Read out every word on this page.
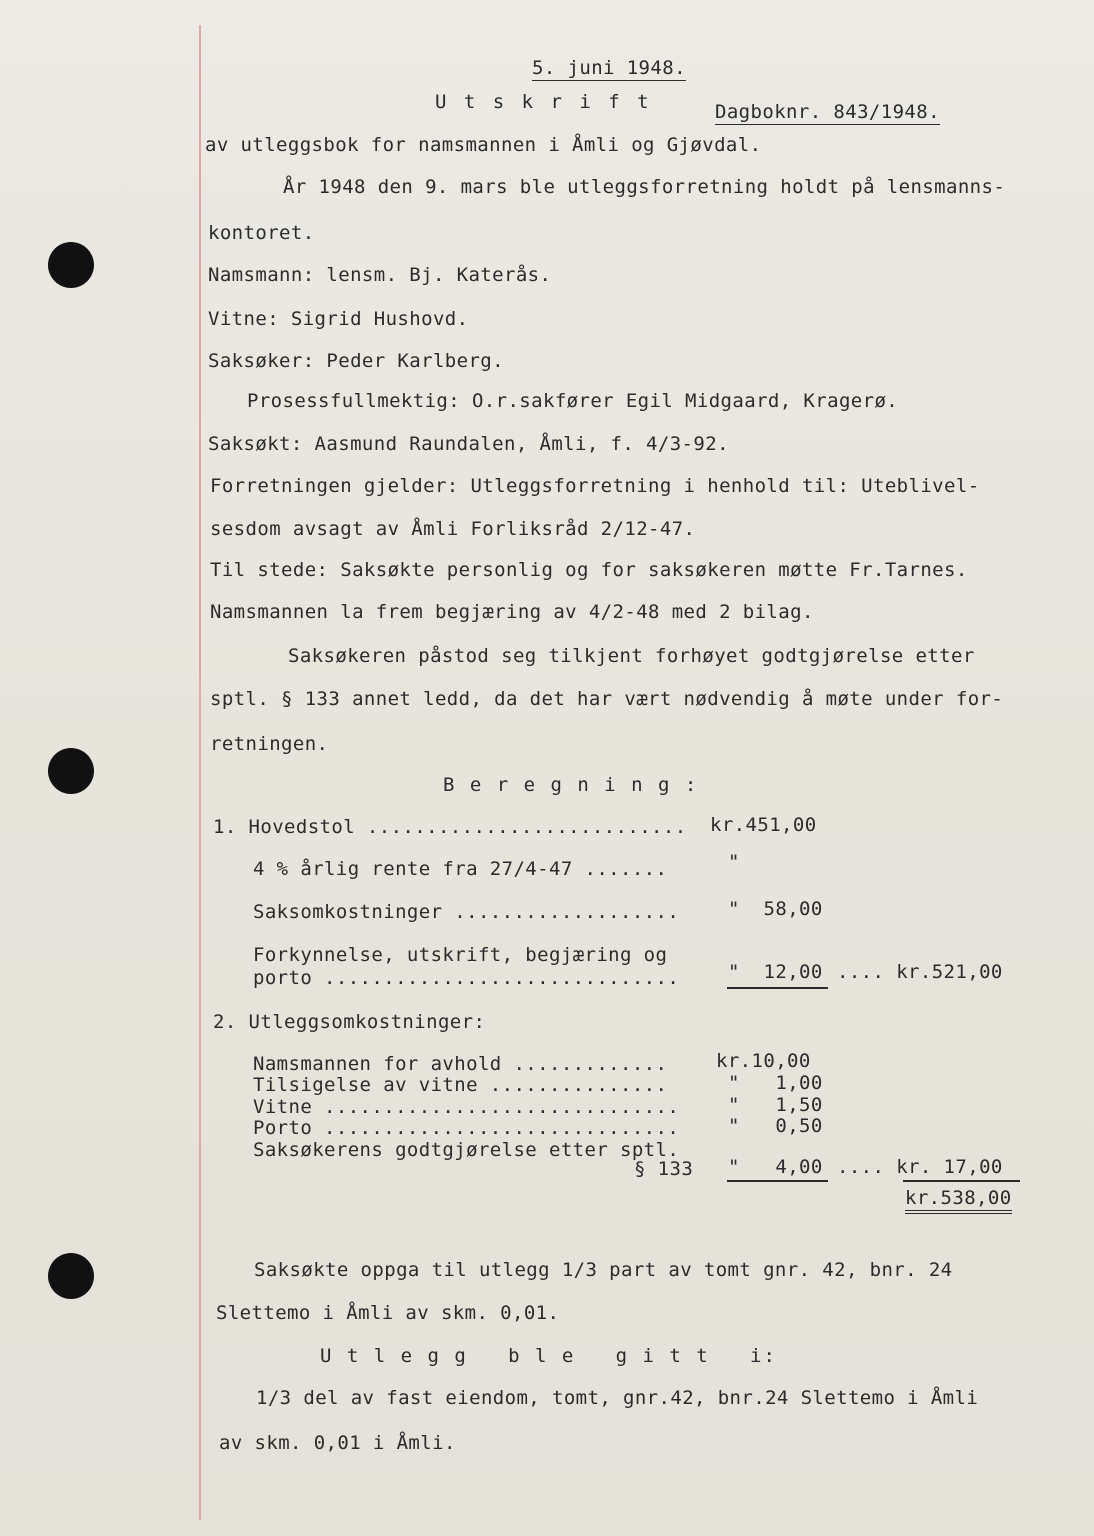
5. juni 1948.
U t s k r i f t	Dagboknr. 843/1948.
av utleggsbok for namsmannen i Åmli og Gjøvdal.
År 1948 den 9. mars ble utleggsforretning holdt på lensmanns-
kontoret.
Namsmann: lensm. Bj. Katerås.
Vitne: Sigrid Hushovd.
Saksøker: Peder Karlberg.
Prosessfullmektig: O.r.sakfører Egil Midgaard, Kragerø.
Saksøkt: Aasmund Raundalen, Åmli, f. 4/3-92.
Forretningen gjelder: Utleggsforretning i henhold til: Uteblivel-
sesdom avsagt av Åmli Forliksråd 2/12-47.
Til stede: Saksøkte personlig og for saksøkeren møtte Fr.Tarnes.
Namsmannen la frem begjæring av 4/2-48 med 2 bilag.
Saksøkeren påstod seg tilkjent forhøyet godtgjørelse etter
sptl. § 133 annet ledd, da det har vært nødvendig å møte under for-
retningen.
B e r e g n i n g :
1. Hovedstol ........................... kr.451,00
4 % årlig rente fra 27/4-47 .......	"
Saksomkostninger ...................	"  58,00
Forkynnelse, utskrift, begjæring og
porto ..............................	"  12,00 .... kr.521,00
2. Utleggsomkostninger:
Namsmannen for avhold .............	kr.10,00
Tilsigelse av vitne ...............	"   1,00
Vitne ..............................	"   1,50
Porto ..............................	"   0,50
Saksøkerens godtgjørelse etter sptl.
§ 133 "   4,00 .... kr. 17,00
kr.538,00
Saksøkte oppga til utlegg 1/3 part av tomt gnr. 42, bnr. 24
Slettemo i Åmli av skm. 0,01.
U t l e g g   b l e   g i t t   i:
1/3 del av fast eiendom, tomt, gnr.42, bnr.24 Slettemo i Åmli
av skm. 0,01 i Åmli.
